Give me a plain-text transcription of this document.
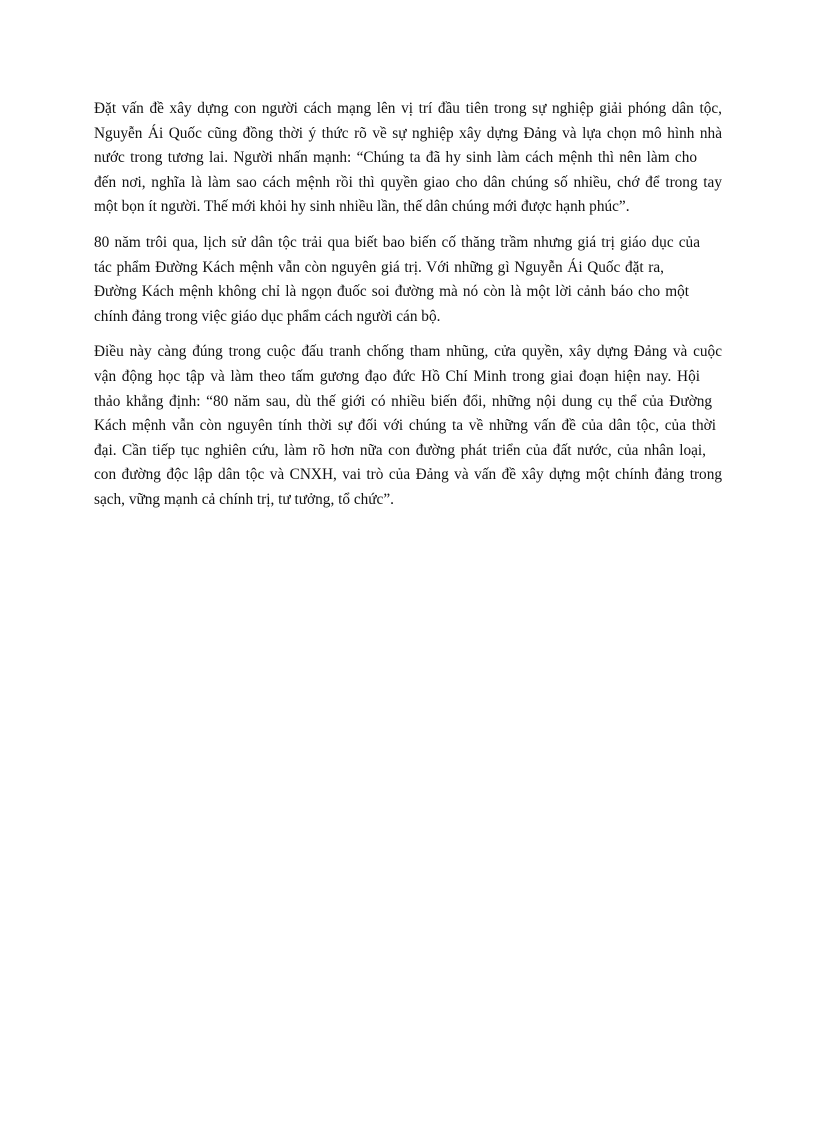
Đặt vấn đề xây dựng con người cách mạng lên vị trí đầu tiên trong sự nghiệp giải phóng dân tộc,
Nguyễn Ái Quốc cũng đồng thời ý thức rõ về sự nghiệp xây dựng Đảng và lựa chọn mô hình nhà
nước trong tương lai. Người nhấn mạnh: “Chúng ta đã hy sinh làm cách mệnh thì nên làm cho
đến nơi, nghĩa là làm sao cách mệnh rồi thì quyền giao cho dân chúng số nhiều, chớ để trong tay
một bọn ít người. Thế mới khỏi hy sinh nhiều lần, thế dân chúng mới được hạnh phúc”.
80 năm trôi qua, lịch sử dân tộc trải qua biết bao biến cố thăng trầm nhưng giá trị giáo dục của
tác phẩm Đường Kách mệnh vẫn còn nguyên giá trị. Với những gì Nguyễn Ái Quốc đặt ra,
Đường Kách mệnh không chỉ là ngọn đuốc soi đường mà nó còn là một lời cảnh báo cho một
chính đảng trong việc giáo dục phẩm cách người cán bộ.
Điều này càng đúng trong cuộc đấu tranh chống tham nhũng, cửa quyền, xây dựng Đảng và cuộc
vận động học tập và làm theo tấm gương đạo đức Hồ Chí Minh trong giai đoạn hiện nay. Hội
thảo khẳng định: “80 năm sau, dù thế giới có nhiều biến đổi, những nội dung cụ thể của Đường
Kách mệnh vẫn còn nguyên tính thời sự đối với chúng ta về những vấn đề của dân tộc, của thời
đại. Cần tiếp tục nghiên cứu, làm rõ hơn nữa con đường phát triển của đất nước, của nhân loại,
con đường độc lập dân tộc và CNXH, vai trò của Đảng và vấn đề xây dựng một chính đảng trong
sạch, vững mạnh cả chính trị, tư tưởng, tổ chức”.
